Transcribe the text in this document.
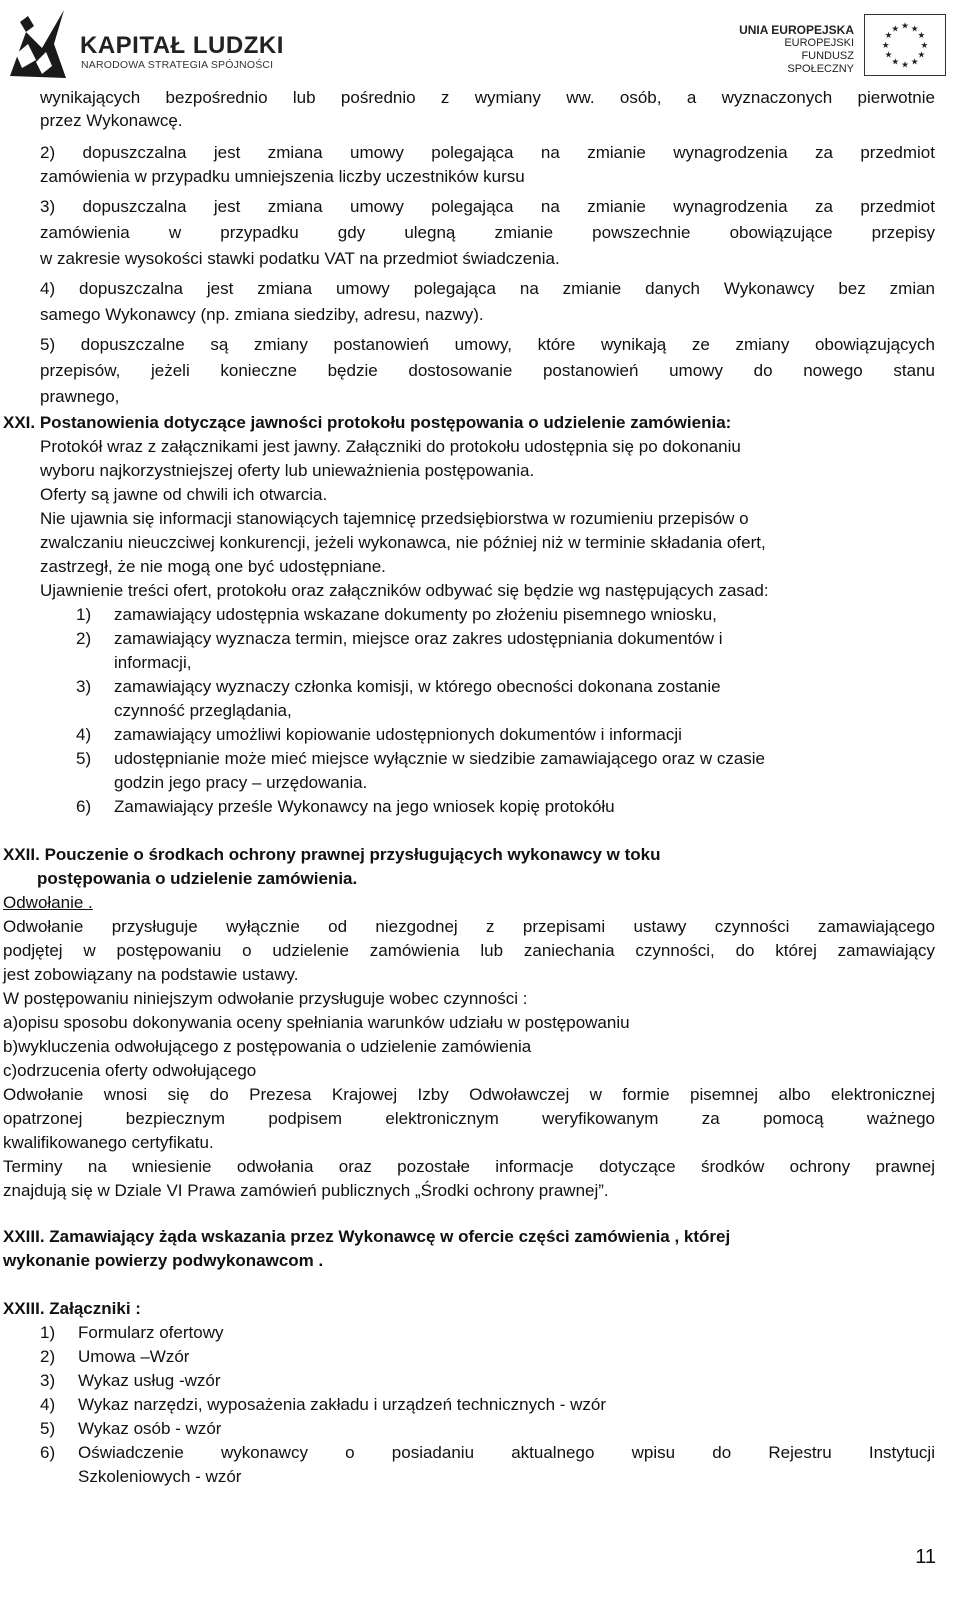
KAPITAŁ LUDZKI
NARODOWA STRATEGIA SPÓJNOŚCI
UNIA EUROPEJSKA
EUROPEJSKI
FUNDUSZ SPOŁECZNY
★ ★
★
★
★
★
★
★
★
★
★
★
wynikających bezpośrednio lub pośrednio z wymiany ww. osób, a wyznaczonych pierwotnie
przez Wykonawcę.
2) dopuszczalna jest zmiana umowy polegająca na zmianie wynagrodzenia za przedmiot
zamówienia w przypadku umniejszenia liczby uczestników kursu
3) dopuszczalna jest zmiana umowy polegająca na zmianie wynagrodzenia za przedmiot
zamówienia w przypadku gdy ulegną zmianie powszechnie obowiązujące przepisy
w zakresie wysokości stawki podatku VAT na przedmiot świadczenia.
4) dopuszczalna jest zmiana umowy polegająca na zmianie danych Wykonawcy bez zmian
samego Wykonawcy (np. zmiana siedziby, adresu, nazwy).
5) dopuszczalne są zmiany postanowień umowy, które wynikają ze zmiany obowiązujących
przepisów, jeżeli konieczne będzie dostosowanie postanowień umowy do nowego stanu
prawnego,
XXI. Postanowienia dotyczące jawności protokołu postępowania o udzielenie zamówienia:
Protokół wraz z załącznikami jest jawny. Załączniki do protokołu udostępnia się po dokonaniu
wyboru najkorzystniejszej oferty lub unieważnienia postępowania.
Oferty są jawne od chwili ich otwarcia.
Nie ujawnia się informacji stanowiących tajemnicę przedsiębiorstwa w rozumieniu przepisów o
zwalczaniu nieuczciwej konkurencji, jeżeli wykonawca, nie później niż w terminie składania ofert,
zastrzegł, że nie mogą one być udostępniane.
Ujawnienie treści ofert, protokołu oraz załączników odbywać się będzie wg następujących zasad:
1) zamawiający udostępnia wskazane dokumenty po złożeniu pisemnego wniosku,
2) zamawiający wyznacza termin, miejsce oraz zakres udostępniania dokumentów i
informacji,
3) zamawiający wyznaczy członka komisji, w którego obecności dokonana zostanie
czynność przeglądania,
4) zamawiający umożliwi kopiowanie udostępnionych dokumentów i informacji
5) udostępnianie może mieć miejsce wyłącznie w siedzibie zamawiającego oraz w czasie
godzin jego pracy – urzędowania.
6) Zamawiający prześle Wykonawcy na jego wniosek kopię protokółu
XXII. Pouczenie o środkach ochrony prawnej przysługujących wykonawcy w toku
postępowania o udzielenie zamówienia.
Odwołanie .
Odwołanie przysługuje wyłącznie od niezgodnej z przepisami ustawy czynności zamawiającego
podjętej w postępowaniu o udzielenie zamówienia lub zaniechania czynności, do której zamawiający
jest zobowiązany na podstawie ustawy.
W postępowaniu niniejszym odwołanie przysługuje wobec czynności :
a)opisu sposobu dokonywania oceny spełniania warunków udziału w postępowaniu
b)wykluczenia odwołującego z postępowania o udzielenie zamówienia
c)odrzucenia oferty odwołującego
Odwołanie wnosi się do Prezesa Krajowej Izby Odwoławczej w formie pisemnej albo elektronicznej
opatrzonej bezpiecznym podpisem elektronicznym weryfikowanym za pomocą ważnego
kwalifikowanego certyfikatu.
Terminy na wniesienie odwołania oraz pozostałe informacje dotyczące środków ochrony prawnej
znajdują się w Dziale VI Prawa zamówień publicznych „Środki ochrony prawnej”.
XXIII. Zamawiający żąda wskazania przez Wykonawcę w ofercie części zamówienia , której
wykonanie powierzy podwykonawcom .
XXIII. Załączniki :
1) Formularz ofertowy
2) Umowa –Wzór
3) Wykaz usług -wzór
4) Wykaz narzędzi, wyposażenia zakładu i urządzeń technicznych - wzór
5) Wykaz osób - wzór
6) Oświadczenie wykonawcy o posiadaniu aktualnego wpisu do Rejestru Instytucji
Szkoleniowych - wzór
11
